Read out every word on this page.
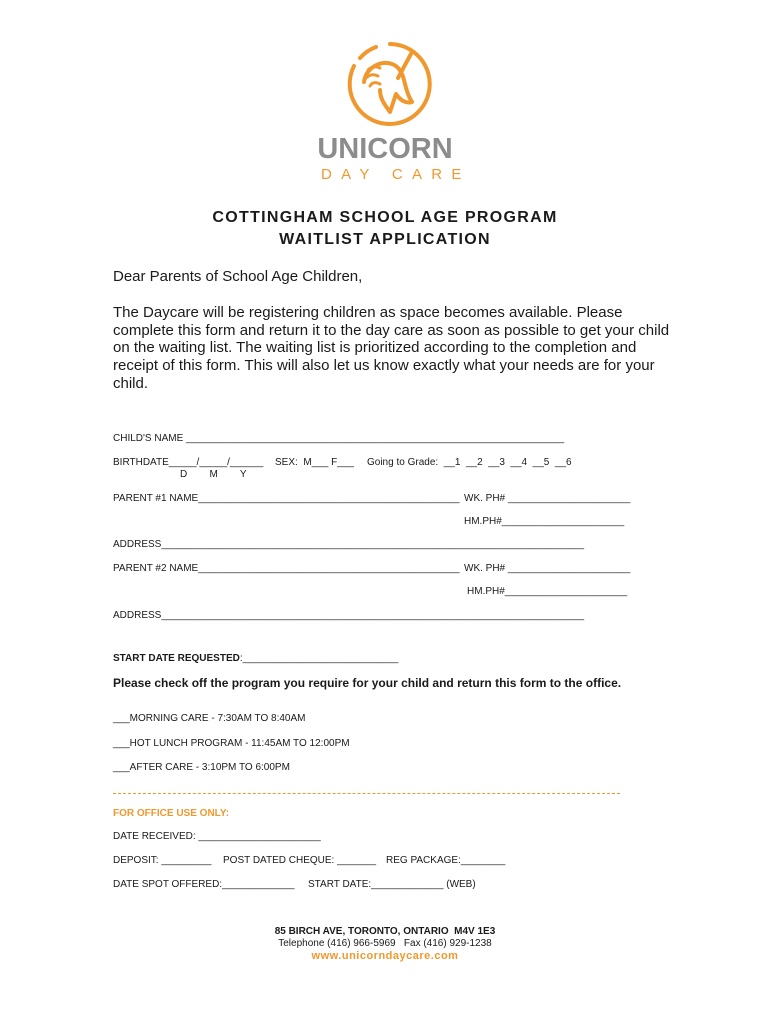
UNICORN
DAY CARE
COTTINGHAM SCHOOL AGE PROGRAM
WAITLIST APPLICATION
Dear Parents of School Age Children,
The Daycare will be registering children as space becomes available. Please complete this form and return it to the day care as soon as possible to get your child on the waiting list. The waiting list is prioritized according to the completion and receipt of this form. This will also let us know exactly what your needs are for your child.
CHILD'S NAME ____________________________________________________________________
BIRTHDATE_____/_____/______
D        M        Y
SEX:  M___ F___ Going to Grade:  __1  __2  __3  __4  __5  __6
PARENT #1 NAME_______________________________________________ WK. PH# ______________________
HM.PH#______________________
ADDRESS____________________________________________________________________________
PARENT #2 NAME_______________________________________________ WK. PH# ______________________
HM.PH#______________________
ADDRESS____________________________________________________________________________
START DATE REQUESTED:____________________________
Please check off the program you require for your child and return this form to the office.
___MORNING CARE - 7:30AM TO 8:40AM
___HOT LUNCH PROGRAM - 11:45AM TO 12:00PM
___AFTER CARE - 3:10PM TO 6:00PM
FOR OFFICE USE ONLY:
DATE RECEIVED: ______________________
DEPOSIT: _________ POST DATED CHEQUE: _______ REG PACKAGE:________
DATE SPOT OFFERED:_____________ START DATE:_____________ (WEB)
85 BIRCH AVE, TORONTO, ONTARIO  M4V 1E3
Telephone (416) 966-5969   Fax (416) 929-1238
www.unicorndaycare.com
